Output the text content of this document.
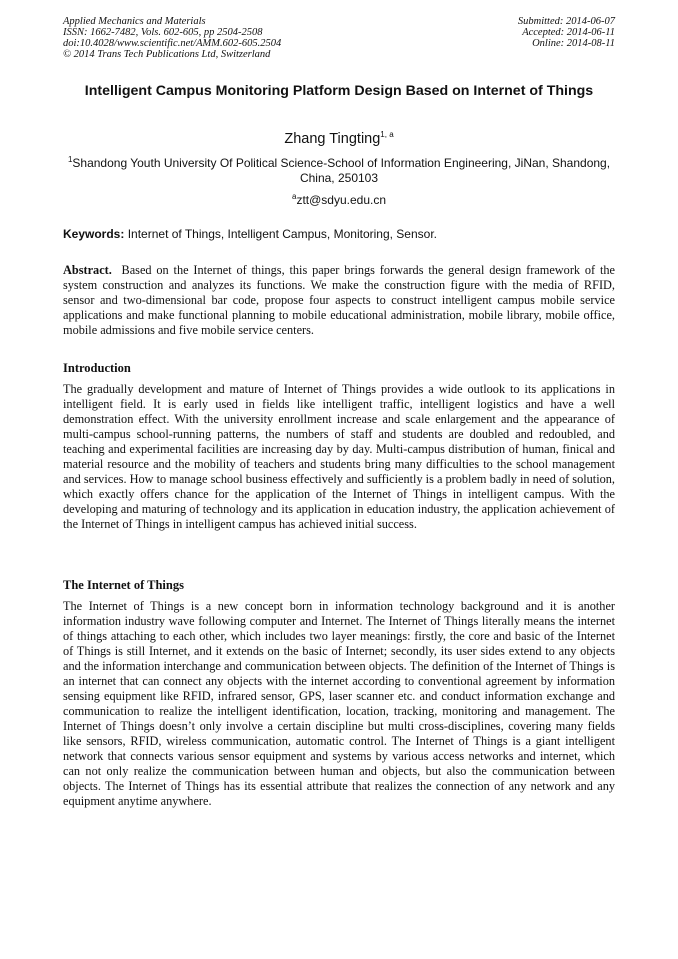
Applied Mechanics and Materials
ISSN: 1662-7482, Vols. 602-605, pp 2504-2508
doi:10.4028/www.scientific.net/AMM.602-605.2504
© 2014 Trans Tech Publications Ltd, Switzerland
Submitted: 2014-06-07
Accepted: 2014-06-11
Online: 2014-08-11
Intelligent Campus Monitoring Platform Design Based on Internet of Things
Zhang Tingting$^{1, a}$
$^1$Shandong Youth University Of Political Science-School of Information Engineering, JiNan, Shandong, China, 250103
$^a$ztt@sdyu.edu.cn
Keywords: Internet of Things, Intelligent Campus, Monitoring, Sensor.
Abstract. Based on the Internet of things, this paper brings forwards the general design framework of the system construction and analyzes its functions. We make the construction figure with the media of RFID, sensor and two-dimensional bar code, propose four aspects to construct intelligent campus mobile service applications and make functional planning to mobile educational administration, mobile library, mobile office, mobile admissions and five mobile service centers.
Introduction
The gradually development and mature of Internet of Things provides a wide outlook to its applications in intelligent field. It is early used in fields like intelligent traffic, intelligent logistics and have a well demonstration effect. With the university enrollment increase and scale enlargement and the appearance of multi-campus school-running patterns, the numbers of staff and students are doubled and redoubled, and teaching and experimental facilities are increasing day by day. Multi-campus distribution of human, finical and material resource and the mobility of teachers and students bring many difficulties to the school management and services. How to manage school business effectively and sufficiently is a problem badly in need of solution, which exactly offers chance for the application of the Internet of Things in intelligent campus. With the developing and maturing of technology and its application in education industry, the application achievement of the Internet of Things in intelligent campus has achieved initial success.
The Internet of Things
The Internet of Things is a new concept born in information technology background and it is another information industry wave following computer and Internet. The Internet of Things literally means the internet of things attaching to each other, which includes two layer meanings: firstly, the core and basic of the Internet of Things is still Internet, and it extends on the basic of Internet; secondly, its user sides extend to any objects and the information interchange and communication between objects. The definition of the Internet of Things is an internet that can connect any objects with the internet according to conventional agreement by information sensing equipment like RFID, infrared sensor, GPS, laser scanner etc. and conduct information exchange and communication to realize the intelligent identification, location, tracking, monitoring and management. The Internet of Things doesn’t only involve a certain discipline but multi cross-disciplines, covering many fields like sensors, RFID, wireless communication, automatic control. The Internet of Things is a giant intelligent network that connects various sensor equipment and systems by various access networks and internet, which can not only realize the communication between human and objects, but also the communication between objects. The Internet of Things has its essential attribute that realizes the connection of any network and any equipment anytime anywhere.
